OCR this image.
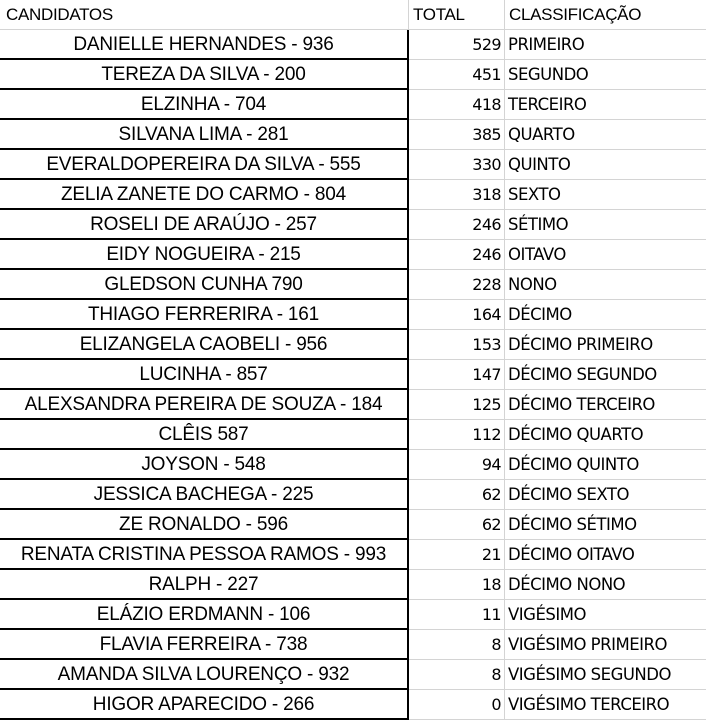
CANDIDATOS	TOTAL	CLASSIFICAÇÃO
DANIELLE HERNANDES - 936	529 PRIMEIRO
TEREZA DA SILVA - 200	451 SEGUNDO
ELZINHA - 704	418 TERCEIRO
SILVANA LIMA - 281	385 QUARTO
EVERALDOPEREIRA DA SILVA - 555	330 QUINTO
ZELIA ZANETE DO CARMO - 804	318 SEXTO
ROSELI DE ARAÚJO - 257	246 SÉTIMO
EIDY NOGUEIRA - 215	246 OITAVO
GLEDSON CUNHA 790	228 NONO
THIAGO FERRERIRA - 161	164 DÉCIMO
ELIZANGELA CAOBELI - 956	153 DÉCIMO PRIMEIRO
LUCINHA - 857	147 DÉCIMO SEGUNDO
ALEXSANDRA PEREIRA DE SOUZA - 184	125 DÉCIMO TERCEIRO
CLÊIS 587	112 DÉCIMO QUARTO
JOYSON - 548	94 DÉCIMO QUINTO
JESSICA BACHEGA - 225	62 DÉCIMO SEXTO
ZE RONALDO - 596	62 DÉCIMO SÉTIMO
RENATA CRISTINA PESSOA RAMOS - 993	21 DÉCIMO OITAVO
RALPH - 227	18 DÉCIMO NONO
ELÁZIO ERDMANN - 106	11 VIGÉSIMO
FLAVIA FERREIRA - 738	8 VIGÉSIMO PRIMEIRO
AMANDA SILVA LOURENÇO - 932	8 VIGÉSIMO SEGUNDO
HIGOR APARECIDO - 266	0 VIGÉSIMO TERCEIRO
